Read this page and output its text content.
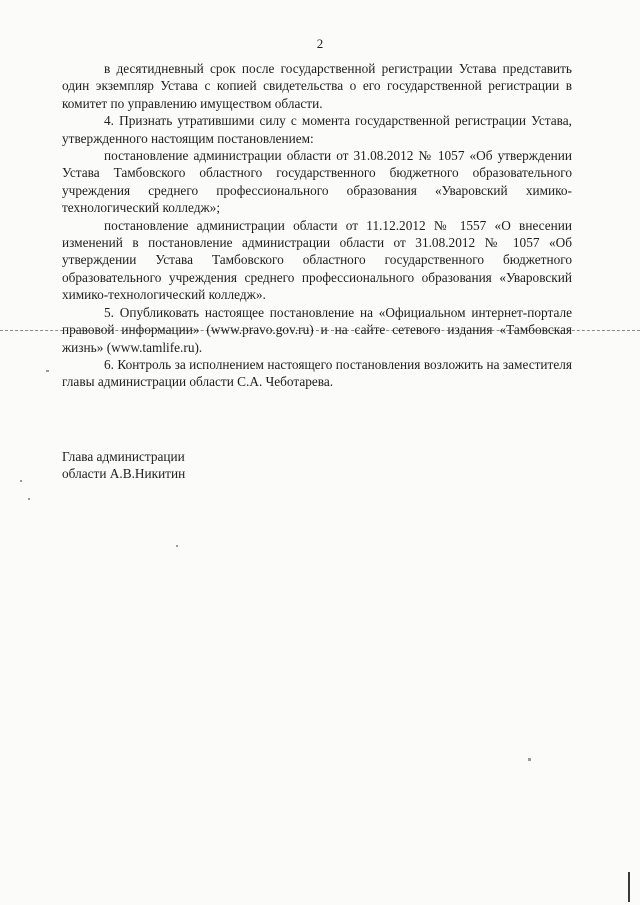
2

в десятидневный срок после государственной регистрации Устава представить один экземпляр Устава с копией свидетельства о его государственной регистрации в комитет по управлению имуществом области.

4. Признать утратившими силу с момента государственной регистрации Устава, утвержденного настоящим постановлением:

постановление администрации области от 31.08.2012 № 1057 «Об утверждении Устава Тамбовского областного государственного бюджетного образовательного учреждения среднего профессионального образования «Уваровский химико-технологический колледж»;

постановление администрации области от 11.12.2012 № 1557 «О внесении изменений в постановление администрации области от 31.08.2012 № 1057 «Об утверждении Устава Тамбовского областного государственного бюджетного образовательного учреждения среднего профессионального образования «Уваровский химико-технологический колледж».

5. Опубликовать настоящее постановление на «Официальном интернет-портале правовой информации» (www.pravo.gov.ru) и на сайте сетевого издания «Тамбовская жизнь» (www.tamlife.ru).

6. Контроль за исполнением настоящего постановления возложить на заместителя главы администрации области С.А. Чеботарева.

Глава администрации
области А.В.Никитин
